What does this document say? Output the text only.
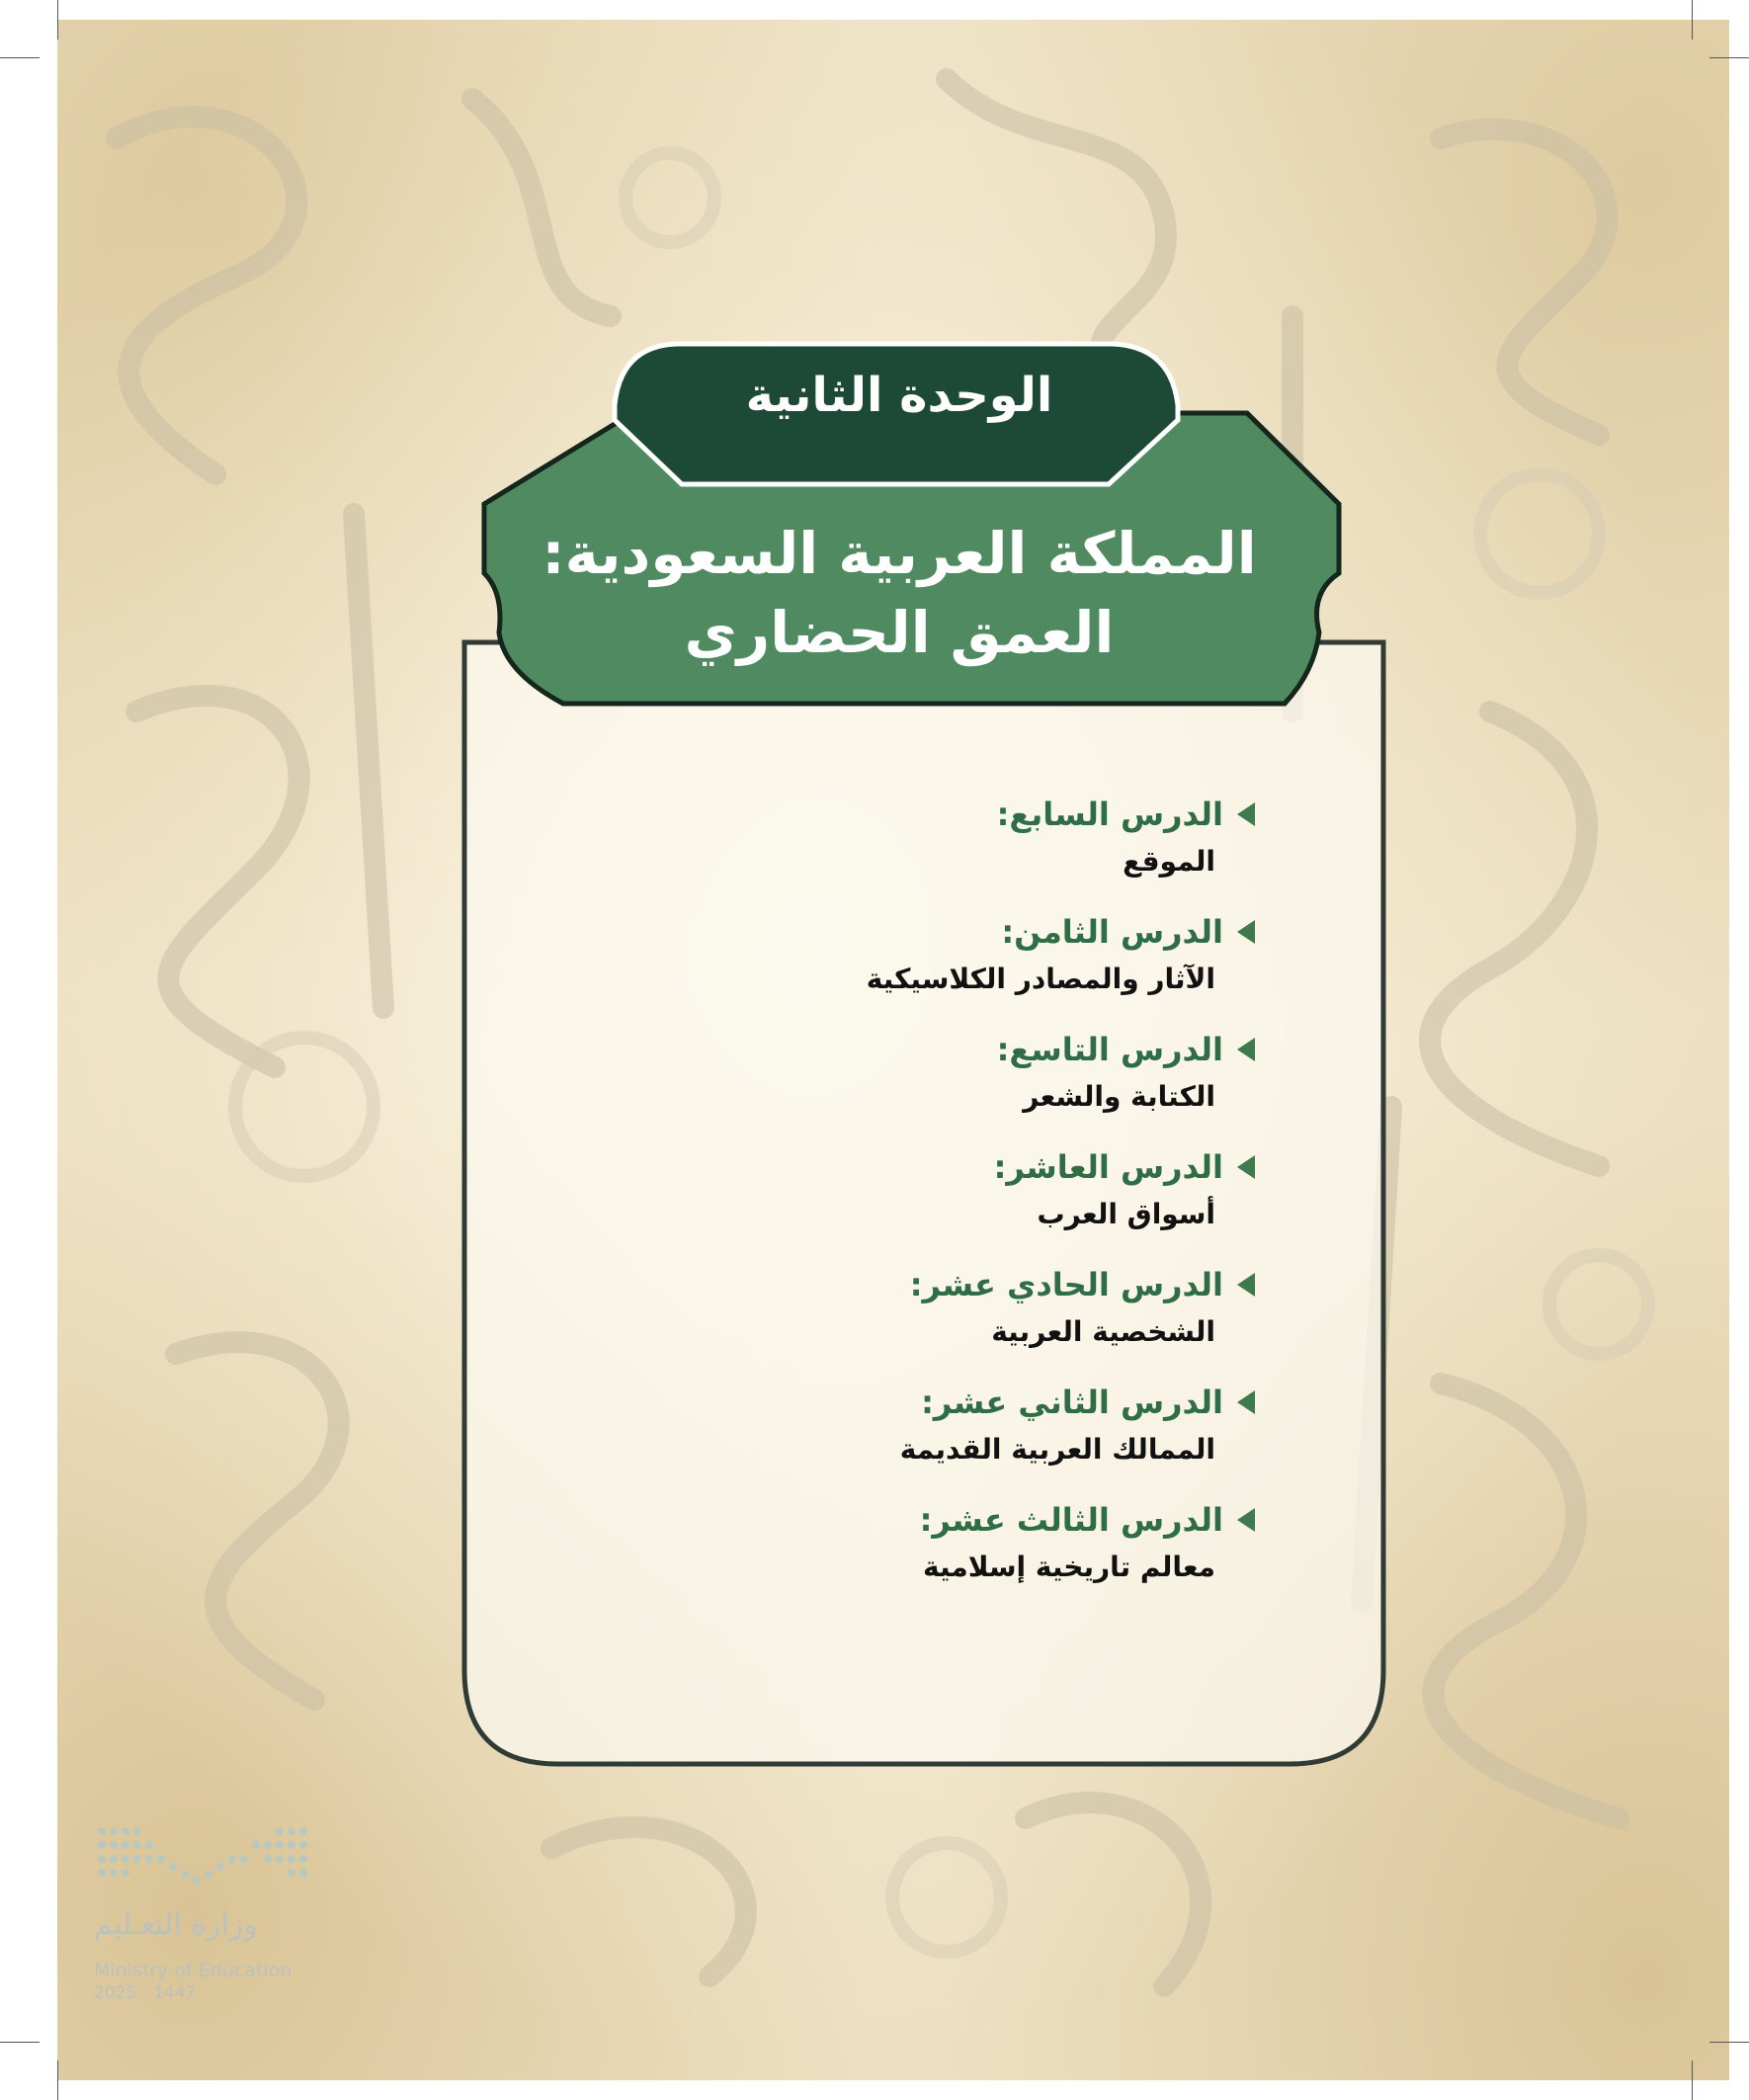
الوحدة الثانية
المملكة العربية السعودية:
العمق الحضاري
الدرس السابع:
الموقع
الدرس الثامن:
الآثار والمصادر الكلاسيكية
الدرس التاسع:
الكتابة والشعر
الدرس العاشر:
أسواق العرب
الدرس الحادي عشر:
الشخصية العربية
الدرس الثاني عشر:
الممالك العربية القديمة
الدرس الثالث عشر:
معالم تاريخية إسلامية
وزارة التعـليم
Ministry of Education
2025 - 1447
